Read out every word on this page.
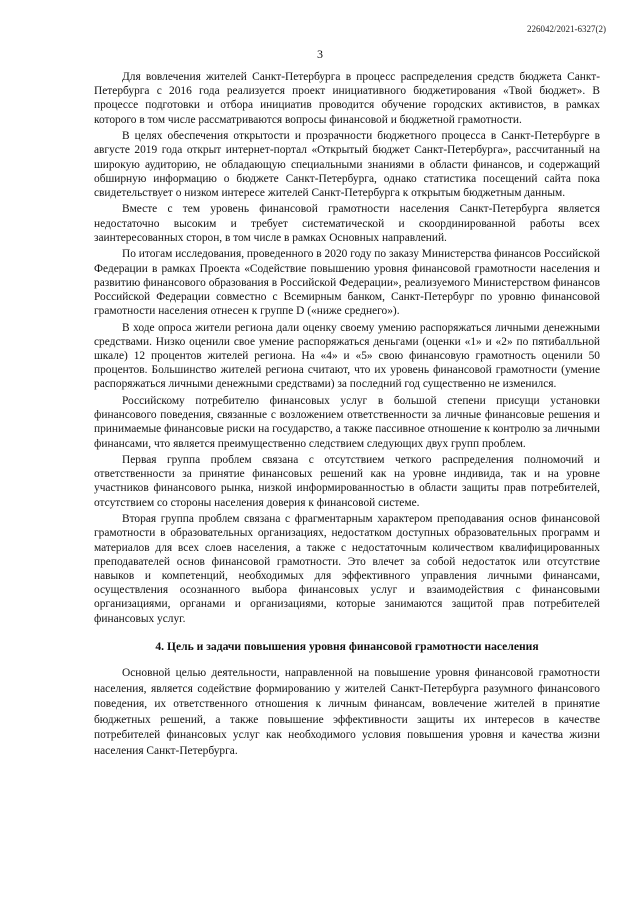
226042/2021-6327(2)
3

Для вовлечения жителей Санкт-Петербурга в процесс распределения средств бюджета Санкт-Петербурга с 2016 года реализуется проект инициативного бюджетирования «Твой бюджет». В процессе подготовки и отбора инициатив проводится обучение городских активистов, в рамках которого в том числе рассматриваются вопросы финансовой и бюджетной грамотности.

В целях обеспечения открытости и прозрачности бюджетного процесса в Санкт-Петербурге в августе 2019 года открыт интернет-портал «Открытый бюджет Санкт-Петербурга», рассчитанный на широкую аудиторию, не обладающую специальными знаниями в области финансов, и содержащий обширную информацию о бюджете Санкт-Петербурга, однако статистика посещений сайта пока свидетельствует о низком интересе жителей Санкт-Петербурга к открытым бюджетным данным.

Вместе с тем уровень финансовой грамотности населения Санкт-Петербурга является недостаточно высоким и требует систематической и скоординированной работы всех заинтересованных сторон, в том числе в рамках Основных направлений.

По итогам исследования, проведенного в 2020 году по заказу Министерства финансов Российской Федерации в рамках Проекта «Содействие повышению уровня финансовой грамотности населения и развитию финансового образования в Российской Федерации», реализуемого Министерством финансов Российской Федерации совместно с Всемирным банком, Санкт-Петербург по уровню финансовой грамотности населения отнесен к группе D («ниже среднего»).

В ходе опроса жители региона дали оценку своему умению распоряжаться личными денежными средствами. Низко оценили свое умение распоряжаться деньгами (оценки «1» и «2» по пятибалльной шкале) 12 процентов жителей региона. На «4» и «5» свою финансовую грамотность оценили 50 процентов. Большинство жителей региона считают, что их уровень финансовой грамотности (умение распоряжаться личными денежными средствами) за последний год существенно не изменился.

Российскому потребителю финансовых услуг в большой степени присущи установки финансового поведения, связанные с возложением ответственности за личные финансовые решения и принимаемые финансовые риски на государство, а также пассивное отношение к контролю за личными финансами, что является преимущественно следствием следующих двух групп проблем.

Первая группа проблем связана с отсутствием четкого распределения полномочий и ответственности за принятие финансовых решений как на уровне индивида, так и на уровне участников финансового рынка, низкой информированностью в области защиты прав потребителей, отсутствием со стороны населения доверия к финансовой системе.

Вторая группа проблем связана с фрагментарным характером преподавания основ финансовой грамотности в образовательных организациях, недостатком доступных образовательных программ и материалов для всех слоев населения, а также с недостаточным количеством квалифицированных преподавателей основ финансовой грамотности. Это влечет за собой недостаток или отсутствие навыков и компетенций, необходимых для эффективного управления личными финансами, осуществления осознанного выбора финансовых услуг и взаимодействия с финансовыми организациями, органами и организациями, которые занимаются защитой прав потребителей финансовых услуг.

4. Цель и задачи повышения уровня финансовой грамотности населения

Основной целью деятельности, направленной на повышение уровня финансовой грамотности населения, является содействие формированию у жителей Санкт-Петербурга разумного финансового поведения, их ответственного отношения к личным финансам, вовлечение жителей в принятие бюджетных решений, а также повышение эффективности защиты их интересов в качестве потребителей финансовых услуг как необходимого условия повышения уровня и качества жизни населения Санкт-Петербурга.
